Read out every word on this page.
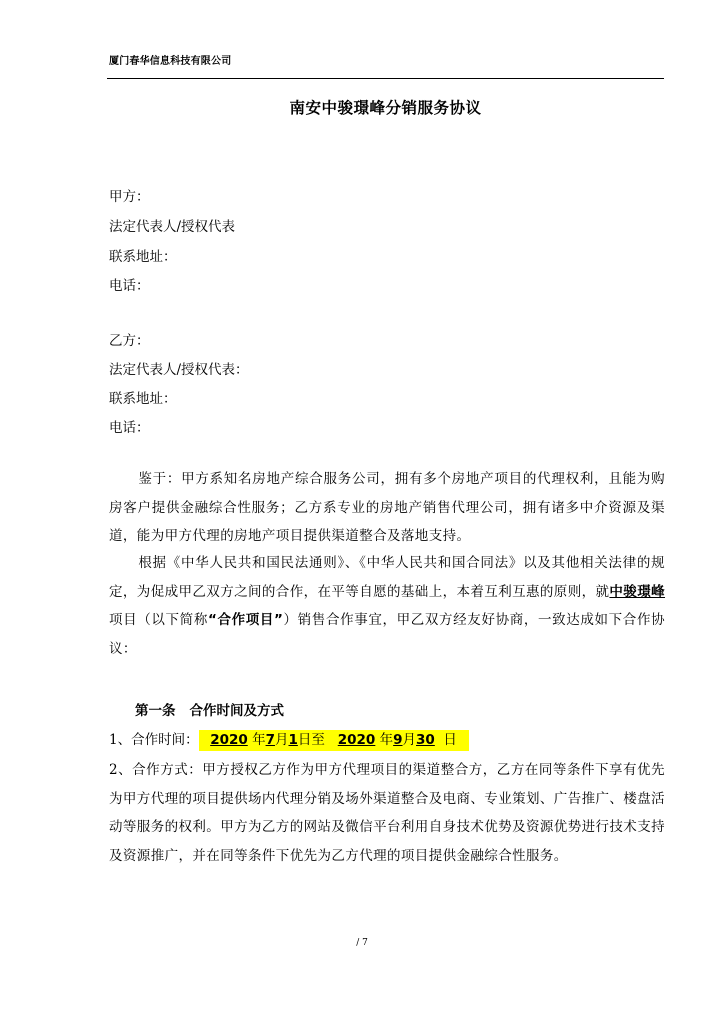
厦门春华信息科技有限公司
南安中骏璟峰分销服务协议
甲方：
法定代表人/授权代表
联系地址：
电话：
乙方：
法定代表人/授权代表：
联系地址：
电话：
鉴于：甲方系知名房地产综合服务公司，拥有多个房地产项目的代理权利，且能为购房客户提供金融综合性服务；乙方系专业的房地产销售代理公司，拥有诸多中介资源及渠道，能为甲方代理的房地产项目提供渠道整合及落地支持。
根据《中华人民共和国民法通则》、《中华人民共和国合同法》以及其他相关法律的规定，为促成甲乙双方之间的合作，在平等自愿的基础上，本着互利互惠的原则，就中骏璟峰项目（以下简称“合作项目”）销售合作事宜，甲乙双方经友好协商，一致达成如下合作协议：
第一条 合作时间及方式
1、合作时间： 2020 年7月1日至 2020 年9月30 日
2、合作方式：甲方授权乙方作为甲方代理项目的渠道整合方，乙方在同等条件下享有优先为甲方代理的项目提供场内代理分销及场外渠道整合及电商、专业策划、广告推广、楼盘活动等服务的权利。甲方为乙方的网站及微信平台利用自身技术优势及资源优势进行技术支持及资源推广，并在同等条件下优先为乙方代理的项目提供金融综合性服务。
/ 7
